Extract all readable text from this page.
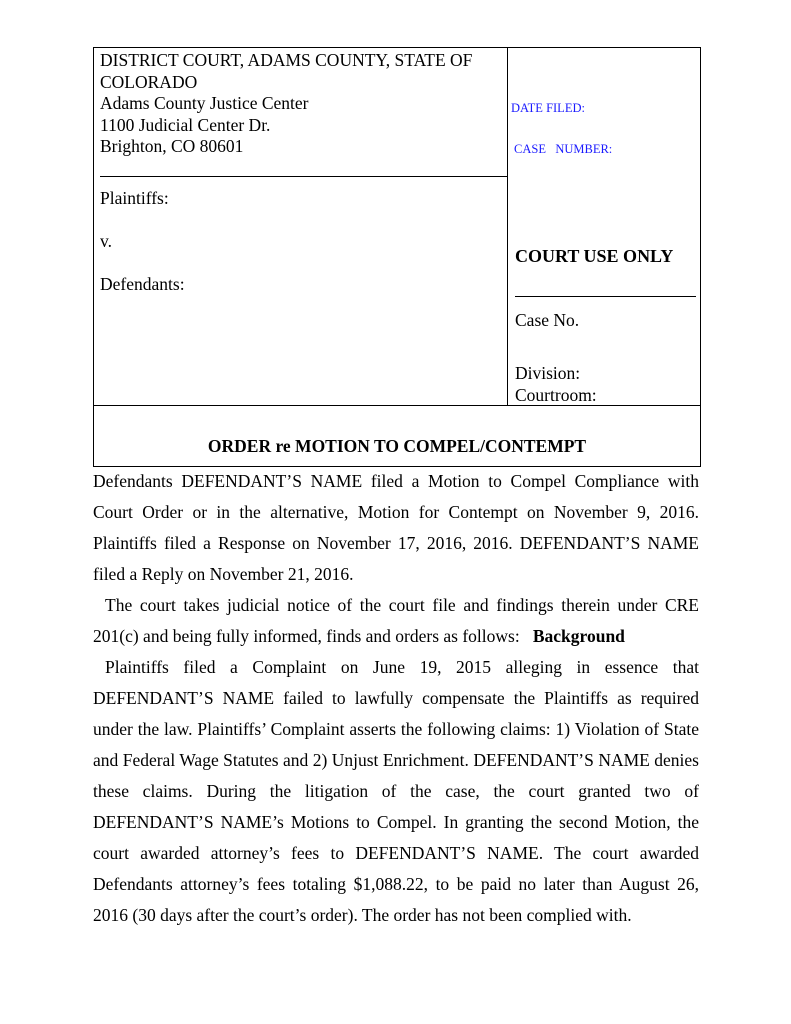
DISTRICT COURT, ADAMS COUNTY, STATE OF
COLORADO
Adams County Justice Center
1100 Judicial Center Dr.
Brighton, CO 80601
Plaintiffs:
v.
Defendants:
DATE FILED:
CASE   NUMBER:
COURT USE ONLY
Case No.
Division:
Courtroom:
ORDER re MOTION TO COMPEL/CONTEMPT

Defendants DEFENDANT’S NAME filed a Motion to Compel Compliance with Court Order or in the alternative, Motion for Contempt on November 9, 2016. Plaintiffs filed a Response on November 17, 2016, 2016. DEFENDANT’S NAME filed a Reply on November 21, 2016.

The court takes judicial notice of the court file and findings therein under CRE 201(c) and being fully informed, finds and orders as follows: Background

Plaintiffs filed a Complaint on June 19, 2015 alleging in essence that DEFENDANT’S NAME failed to lawfully compensate the Plaintiffs as required under the law. Plaintiffs’ Complaint asserts the following claims: 1) Violation of State and Federal Wage Statutes and 2) Unjust Enrichment. DEFENDANT’S NAME denies these claims. During the litigation of the case, the court granted two of DEFENDANT’S NAME’s Motions to Compel. In granting the second Motion, the court awarded attorney’s fees to DEFENDANT’S NAME. The court awarded Defendants attorney’s fees totaling $1,088.22, to be paid no later than August 26, 2016 (30 days after the court’s order). The order has not been complied with.
